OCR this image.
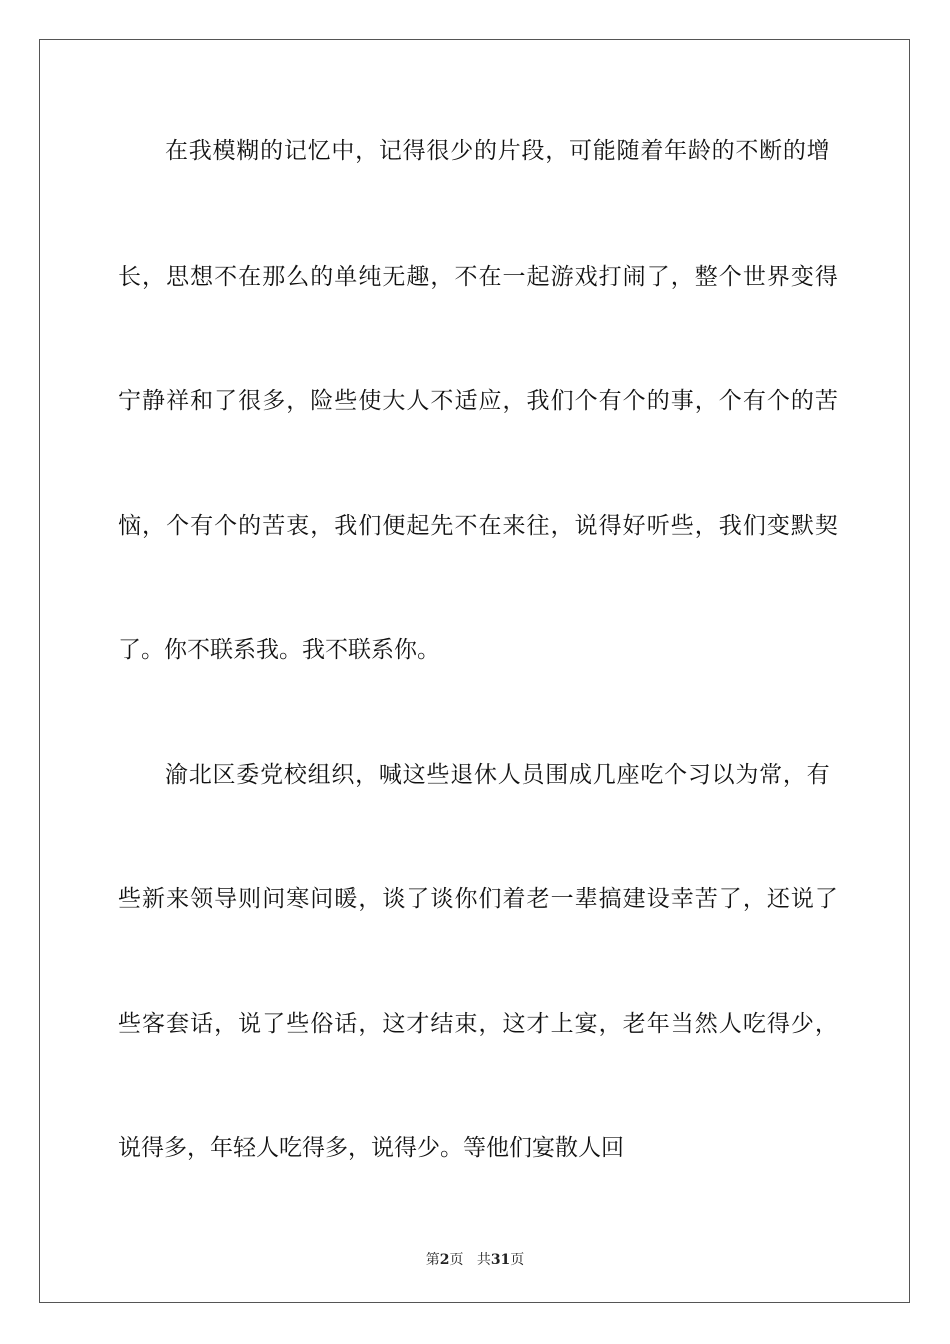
在 我 模 糊 的 记 忆 中 ， 记 得 很 少 的 片 段 ， 可 能 随 着 年 龄 的 不 断 的 增

长 ， 思 想 不 在 那 么 的 单 纯 无 趣 ， 不 在 一 起 游 戏 打 闹 了 ， 整 个 世 界 变 得

宁 静 祥 和 了 很 多 ， 险 些 使 大 人 不 适 应 ， 我 们 个 有 个 的 事 ， 个 有 个 的 苦

恼 ， 个 有 个 的 苦 衷 ， 我 们 便 起 先 不 在 来 往 ， 说 得 好 听 些 ， 我 们 变 默 契

了。你不联系我。我不联系你。

渝 北 区 委 党 校 组 织 ， 喊 这 些 退 休 人 员 围 成 几 座 吃 个 习 以 为 常 ， 有

些 新 来 领 导 则 问 寒 问 暖 ， 谈 了 谈 你 们 着 老 一 辈 搞 建 设 幸 苦 了 ， 还 说 了

些 客 套 话 ， 说 了 些 俗 话 ， 这 才 结 束 ， 这 才 上 宴 ， 老 年 当 然 人 吃 得 少 ，

说得多，年轻人吃得多，说得少。等他们宴散人回

第2页 共31页
